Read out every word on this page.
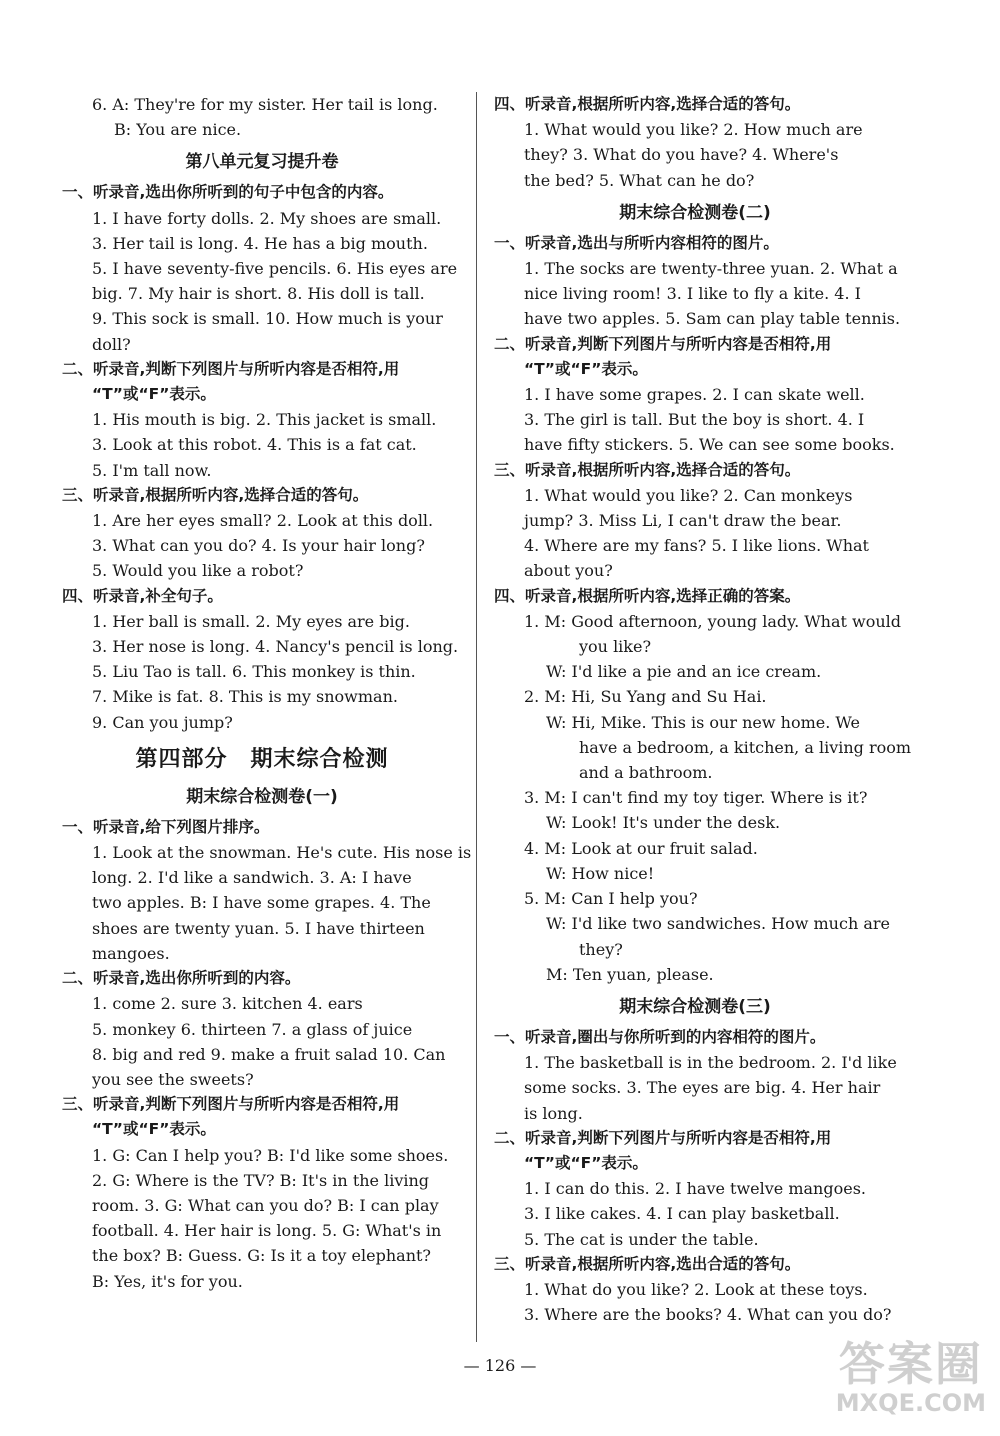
6. A: They're for my sister. Her tail is long.
B: You are nice.
第八单元复习提升卷
一、听录音,选出你所听到的句子中包含的内容。
1. I have forty dolls. 2. My shoes are small.
3. Her tail is long. 4. He has a big mouth.
5. I have seventy-five pencils. 6. His eyes are
big. 7. My hair is short. 8. His doll is tall.
9. This sock is small. 10. How much is your
doll?
二、听录音,判断下列图片与所听内容是否相符,用
“T”或“F”表示。
1. His mouth is big. 2. This jacket is small.
3. Look at this robot. 4. This is a fat cat.
5. I'm tall now.
三、听录音,根据所听内容,选择合适的答句。
1. Are her eyes small? 2. Look at this doll.
3. What can you do? 4. Is your hair long?
5. Would you like a robot?
四、听录音,补全句子。
1. Her ball is small. 2. My eyes are big.
3. Her nose is long. 4. Nancy's pencil is long.
5. Liu Tao is tall. 6. This monkey is thin.
7. Mike is fat. 8. This is my snowman.
9. Can you jump?
第四部分　期末综合检测
期末综合检测卷(一)
一、听录音,给下列图片排序。
1. Look at the snowman. He's cute. His nose is
long. 2. I'd like a sandwich. 3. A: I have
two apples. B: I have some grapes. 4. The
shoes are twenty yuan. 5. I have thirteen
mangoes.
二、听录音,选出你所听到的内容。
1. come 2. sure 3. kitchen 4. ears
5. monkey 6. thirteen 7. a glass of juice
8. big and red 9. make a fruit salad 10. Can
you see the sweets?
三、听录音,判断下列图片与所听内容是否相符,用
“T”或“F”表示。
1. G: Can I help you? B: I'd like some shoes.
2. G: Where is the TV? B: It's in the living
room. 3. G: What can you do? B: I can play
football. 4. Her hair is long. 5. G: What's in
the box? B: Guess. G: Is it a toy elephant?
B: Yes, it's for you.
四、听录音,根据所听内容,选择合适的答句。
1. What would you like? 2. How much are
they? 3. What do you have? 4. Where's
the bed? 5. What can he do?
期末综合检测卷(二)
一、听录音,选出与所听内容相符的图片。
1. The socks are twenty-three yuan. 2. What a
nice living room! 3. I like to fly a kite. 4. I
have two apples. 5. Sam can play table tennis.
二、听录音,判断下列图片与所听内容是否相符,用
“T”或“F”表示。
1. I have some grapes. 2. I can skate well.
3. The girl is tall. But the boy is short. 4. I
have fifty stickers. 5. We can see some books.
三、听录音,根据所听内容,选择合适的答句。
1. What would you like? 2. Can monkeys
jump? 3. Miss Li, I can't draw the bear.
4. Where are my fans? 5. I like lions. What
about you?
四、听录音,根据所听内容,选择正确的答案。
1. M: Good afternoon, young lady. What would
you like?
W: I'd like a pie and an ice cream.
2. M: Hi, Su Yang and Su Hai.
W: Hi, Mike. This is our new home. We
have a bedroom, a kitchen, a living room
and a bathroom.
3. M: I can't find my toy tiger. Where is it?
W: Look! It's under the desk.
4. M: Look at our fruit salad.
W: How nice!
5. M: Can I help you?
W: I'd like two sandwiches. How much are
they?
M: Ten yuan, please.
期末综合检测卷(三)
一、听录音,圈出与你所听到的内容相符的图片。
1. The basketball is in the bedroom. 2. I'd like
some socks. 3. The eyes are big. 4. Her hair
is long.
二、听录音,判断下列图片与所听内容是否相符,用
“T”或“F”表示。
1. I can do this. 2. I have twelve mangoes.
3. I like cakes. 4. I can play basketball.
5. The cat is under the table.
三、听录音,根据所听内容,选出合适的答句。
1. What do you like? 2. Look at these toys.
3. Where are the books? 4. What can you do?
— 126 —	答案圈
MXQE.COM
